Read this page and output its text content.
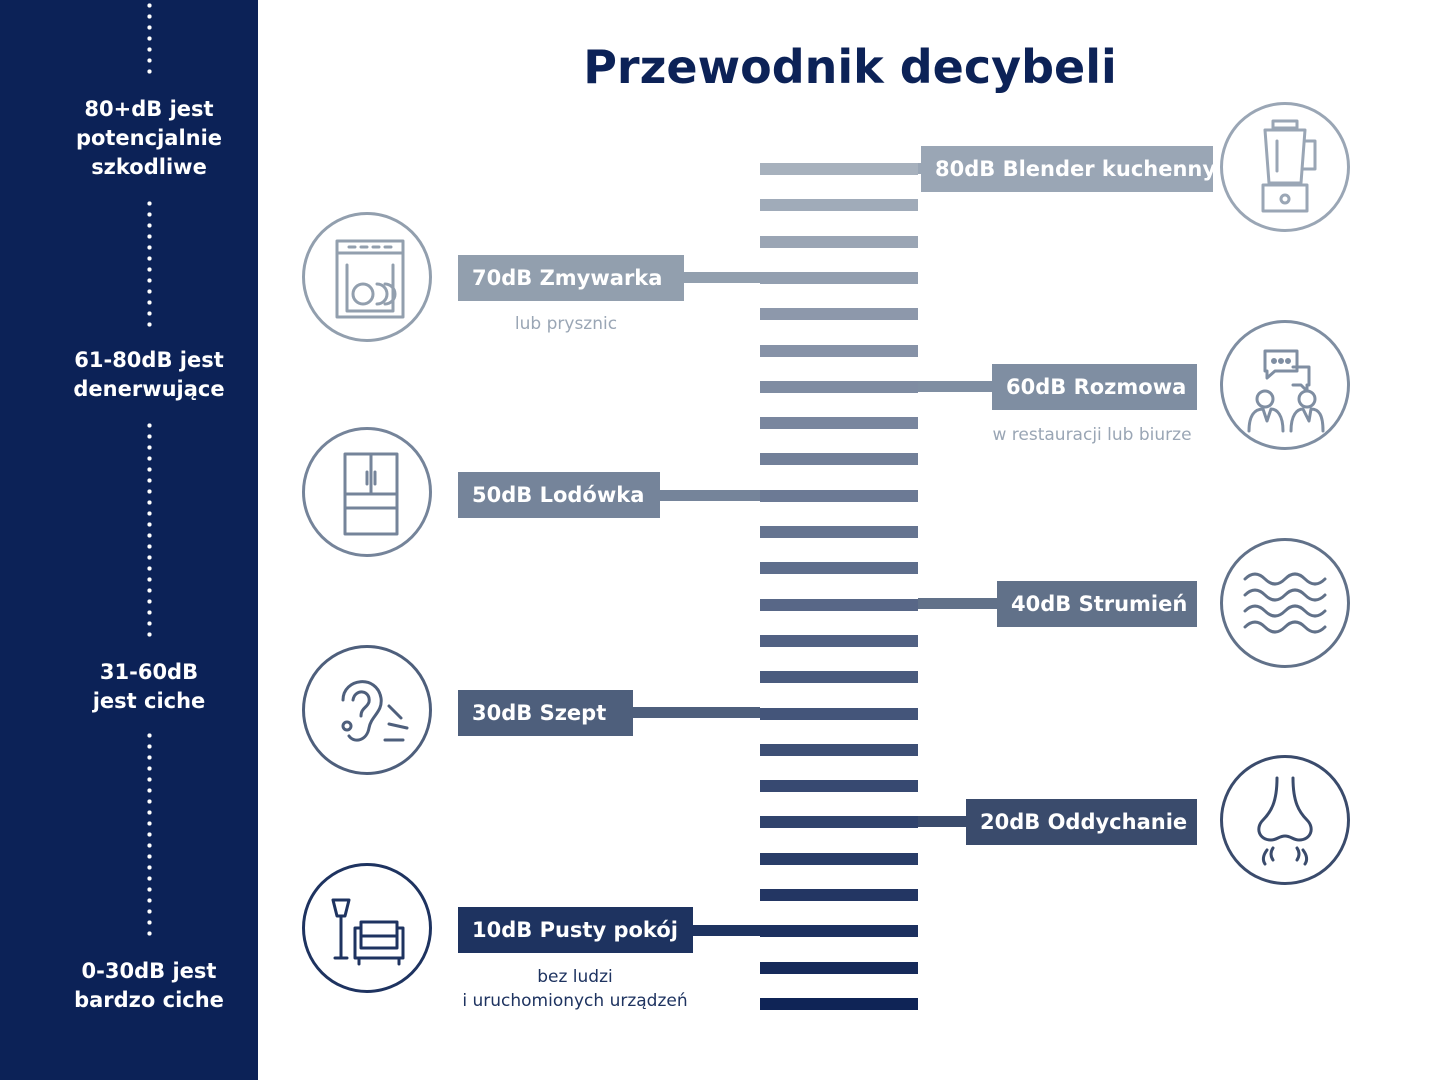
80+dB jest
potencjalnie
szkodliwe
61-80dB jest
denerwujące
31-60dB
jest ciche
0-30dB jest
bardzo ciche
Przewodnik decybeli
80dB Blender kuchenny
70dB Zmywarka
lub prysznic
60dB Rozmowa
w restauracji lub biurze
50dB Lodówka
40dB Strumień
30dB Szept
20dB Oddychanie
10dB Pusty pokój
bez ludzi
i uruchomionych urządzeń
